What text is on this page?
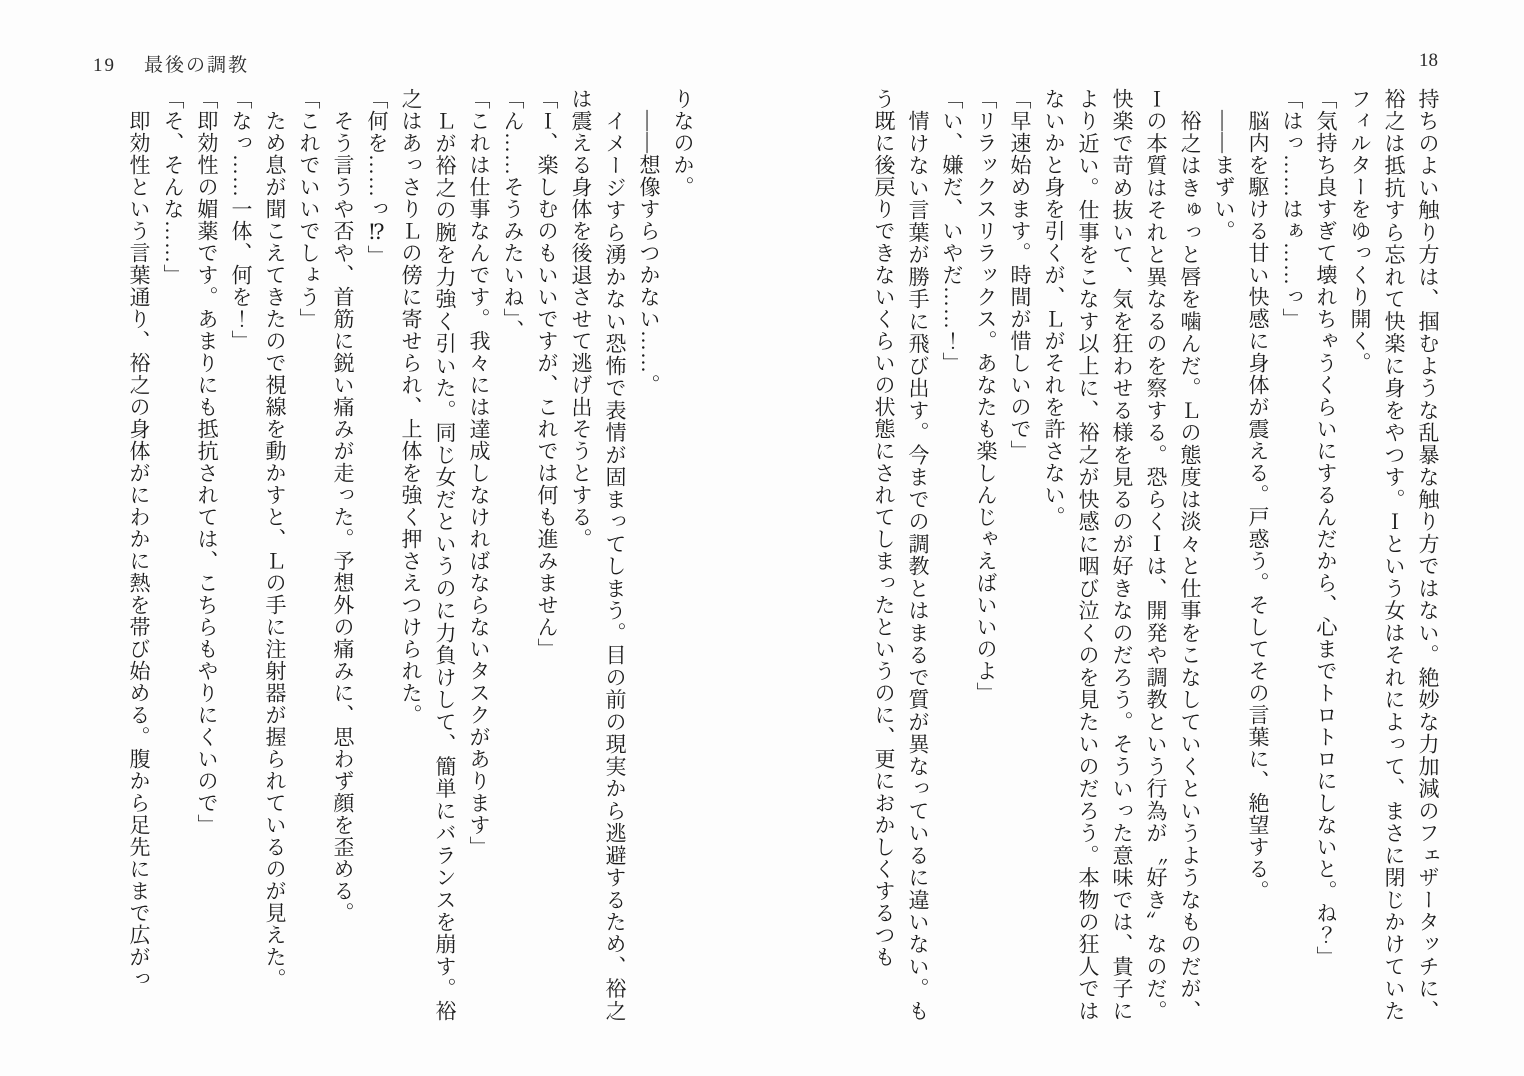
19 最後の調教	18

持ちのよい触り方は、掴むような乱暴な触り方ではない。絶妙な力加減のフェザータッチに、裕之は抵抗すら忘れて快楽に身をやつす。Ｉという女はそれによって、まさに閉じかけていたフィルターをゆっくり開く。

「気持ち良すぎて壊れちゃうくらいにするんだから、心までトロトロにしないと。ね？」

「はっ……はぁ……っ」

　脳内を駆ける甘い快感に身体が震える。戸惑う。そしてその言葉に、絶望する。

　――まずい。

　裕之はきゅっと唇を噛んだ。Ｌの態度は淡々と仕事をこなしていくというようなものだが、Ｉの本質はそれと異なるのを察する。恐らくＩは、開発や調教という行為が〝好き〟なのだ。快楽で苛め抜いて、気を狂わせる様を見るのが好きなのだろう。そういった意味では、貴子により近い。仕事をこなす以上に、裕之が快感に咽び泣くのを見たいのだろう。本物の狂人ではないかと身を引くが、Ｌがそれを許さない。

「早速始めます。時間が惜しいので」

「リラックスリラックス。あなたも楽しんじゃえばいいのよ」

「い、嫌だ、いやだ……！」

　情けない言葉が勝手に飛び出す。今までの調教とはまるで質が異なっているに違いない。もう既に後戻りできないくらいの状態にされてしまったというのに、更におかしくするつも

りなのか。

　――想像すらつかない……。

　イメージすら湧かない恐怖で表情が固まってしまう。目の前の現実から逃避するため、裕之は震える身体を後退させて逃げ出そうとする。

「Ｉ、楽しむのもいいですが、これでは何も進みません」

「ん……そうみたいね」、

「これは仕事なんです。我々には達成しなければならないタスクがあります」

　Ｌが裕之の腕を力強く引いた。同じ女だというのに力負けして、簡単にバランスを崩す。裕之はあっさりＬの傍に寄せられ、上体を強く押さえつけられた。

「何を……っ⁉」

　そう言うや否や、首筋に鋭い痛みが走った。予想外の痛みに、思わず顔を歪める。

「これでいいでしょう」

　ため息が聞こえてきたので視線を動かすと、Ｌの手に注射器が握られているのが見えた。

「なっ……一体、何を！」

「即効性の媚薬です。あまりにも抵抗されては、こちらもやりにくいので」

「そ、そんな……」

　即効性という言葉通り、裕之の身体がにわかに熱を帯び始める。腹から足先にまで広がっ
